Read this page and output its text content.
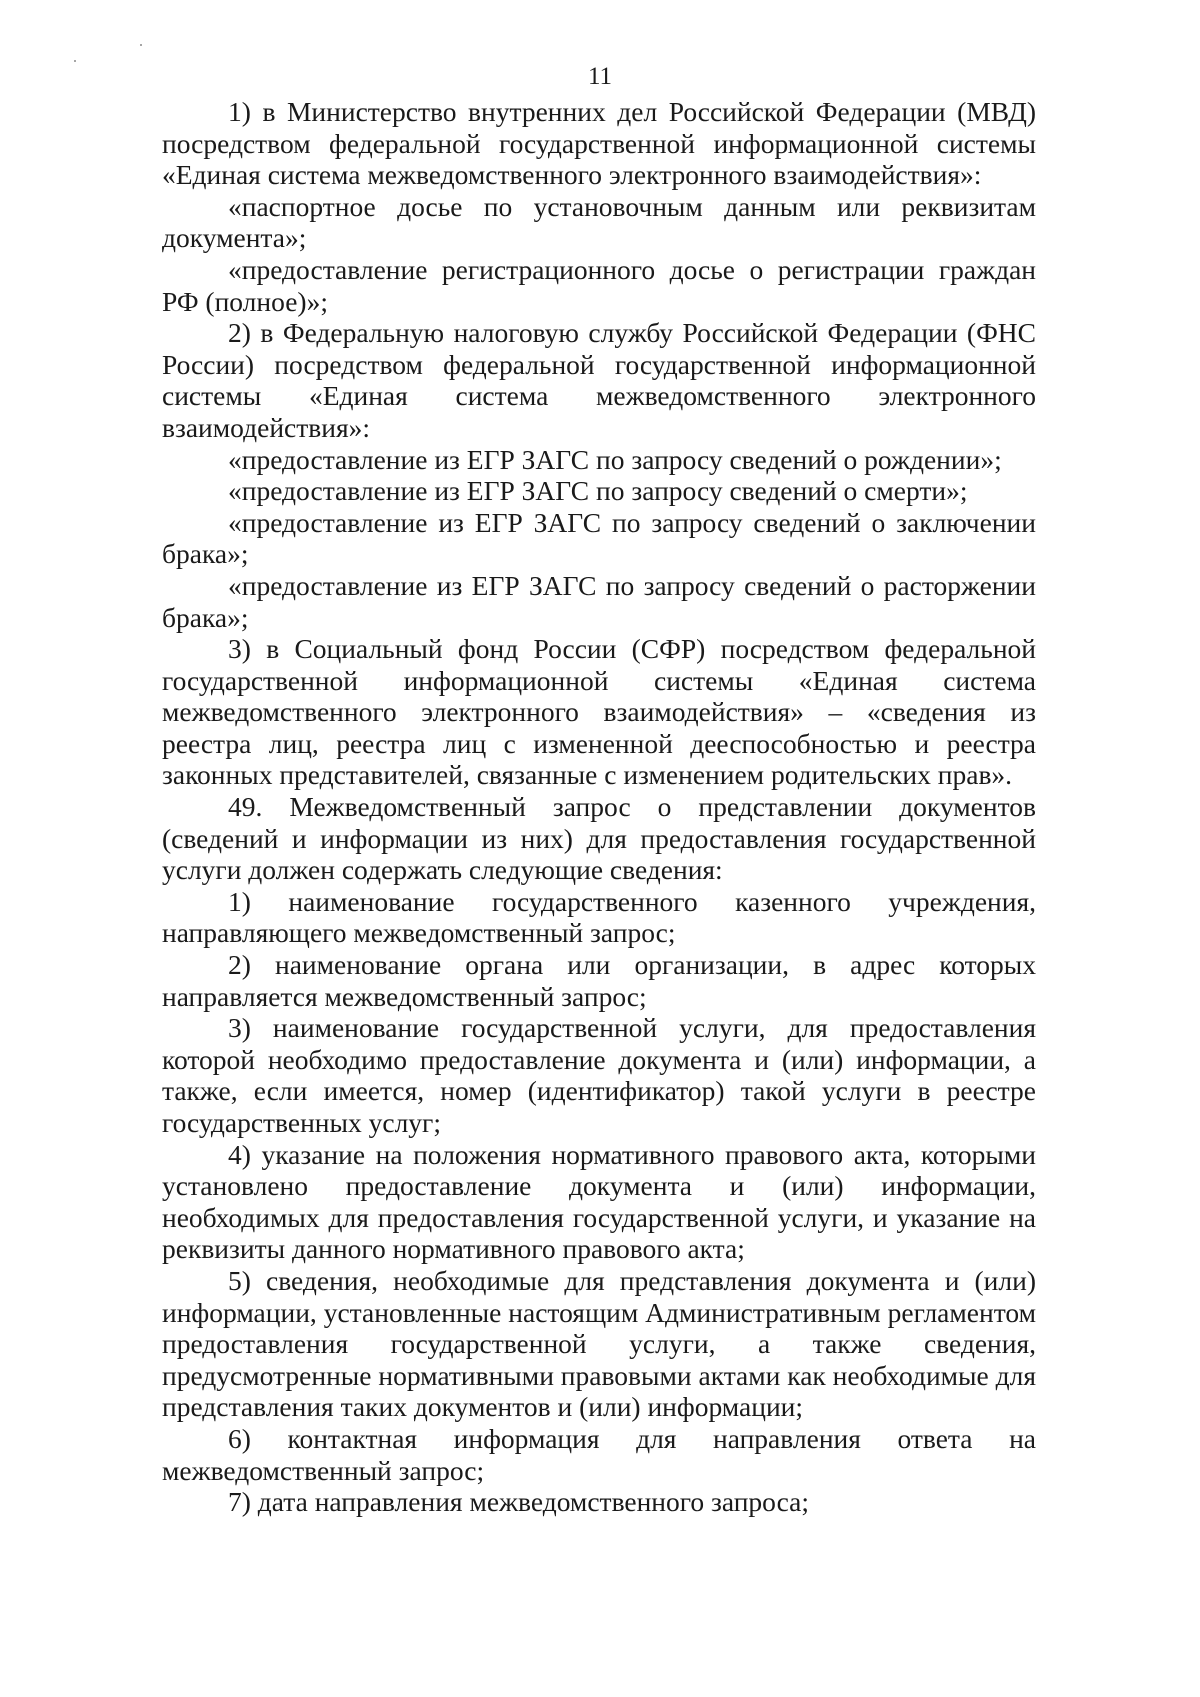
11

1) в Министерство внутренних дел Российской Федерации (МВД) посредством федеральной государственной информационной системы «Единая система межведомственного электронного взаимодействия»:

«паспортное досье по установочным данным или реквизитам документа»;

«предоставление регистрационного досье о регистрации граждан РФ (полное)»;

2) в Федеральную налоговую службу Российской Федерации (ФНС России) посредством федеральной государственной информационной системы «Единая система межведомственного электронного взаимодействия»:

«предоставление из ЕГР ЗАГС по запросу сведений о рождении»;

«предоставление из ЕГР ЗАГС по запросу сведений о смерти»;

«предоставление из ЕГР ЗАГС по запросу сведений о заключении брака»;

«предоставление из ЕГР ЗАГС по запросу сведений о расторжении брака»;

3) в Социальный фонд России (СФР) посредством федеральной государственной информационной системы «Единая система межведомственного электронного взаимодействия» – «сведения из реестра лиц, реестра лиц с измененной дееспособностью и реестра законных представителей, связанные с изменением родительских прав».

49. Межведомственный запрос о представлении документов (сведений и информации из них) для предоставления государственной услуги должен содержать следующие сведения:

1) наименование государственного казенного учреждения, направляющего межведомственный запрос;

2) наименование органа или организации, в адрес которых направляется межведомственный запрос;

3) наименование государственной услуги, для предоставления которой необходимо предоставление документа и (или) информации, а также, если имеется, номер (идентификатор) такой услуги в реестре государственных услуг;

4) указание на положения нормативного правового акта, которыми установлено предоставление документа и (или) информации, необходимых для предоставления государственной услуги, и указание на реквизиты данного нормативного правового акта;

5) сведения, необходимые для представления документа и (или) информации, установленные настоящим Административным регламентом предоставления государственной услуги, а также сведения, предусмотренные нормативными правовыми актами как необходимые для представления таких документов и (или) информации;

6) контактная информация для направления ответа на межведомственный запрос;

7) дата направления межведомственного запроса;
